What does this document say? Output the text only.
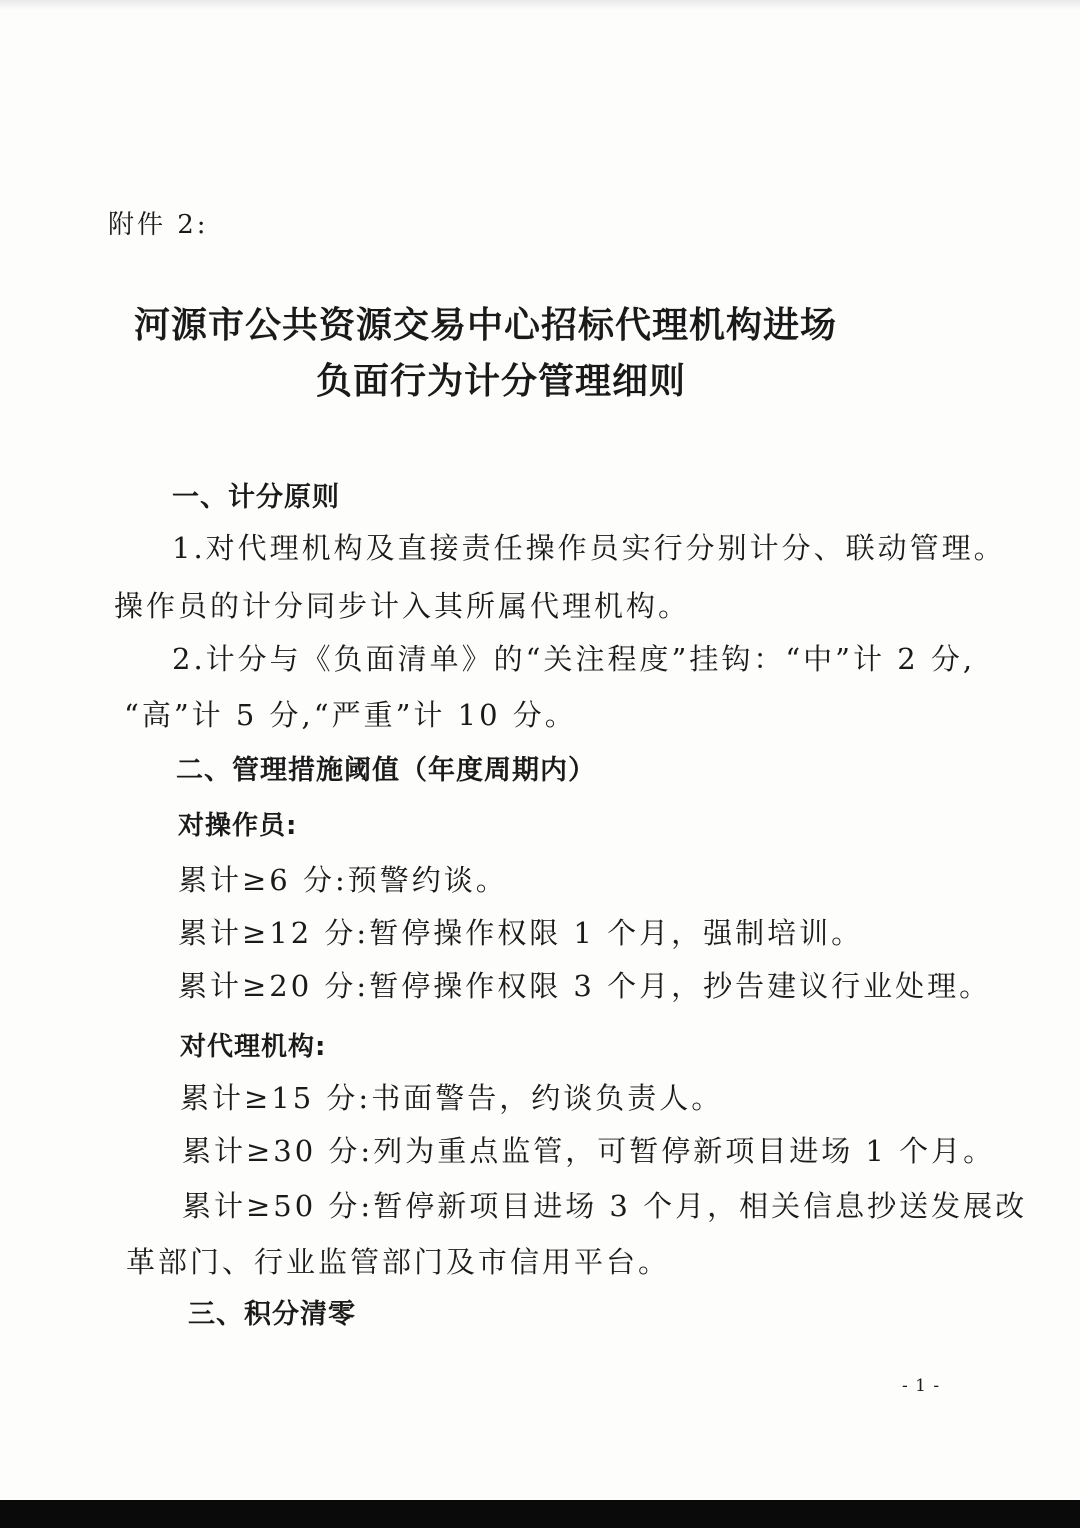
附件 2:
河源市公共资源交易中心招标代理机构进场
负面行为计分管理细则
一、计分原则
1.对代理机构及直接责任操作员实行分别计分、联动管理。
操作员的计分同步计入其所属代理机构。
2.计分与《负面清单》的“关注程度”挂钩：“中”计 2 分,
“高”计 5 分,“严重”计 10 分。
二、管理措施阈值（年度周期内）
对操作员:
累计≥6 分:预警约谈。
累计≥12 分:暂停操作权限 1 个月，强制培训。
累计≥20 分:暂停操作权限 3 个月，抄告建议行业处理。
对代理机构:
累计≥15 分:书面警告，约谈负责人。
累计≥30 分:列为重点监管，可暂停新项目进场 1 个月。
累计≥50 分:暂停新项目进场 3 个月，相关信息抄送发展改
革部门、行业监管部门及市信用平台。
三、积分清零
- 1 -
